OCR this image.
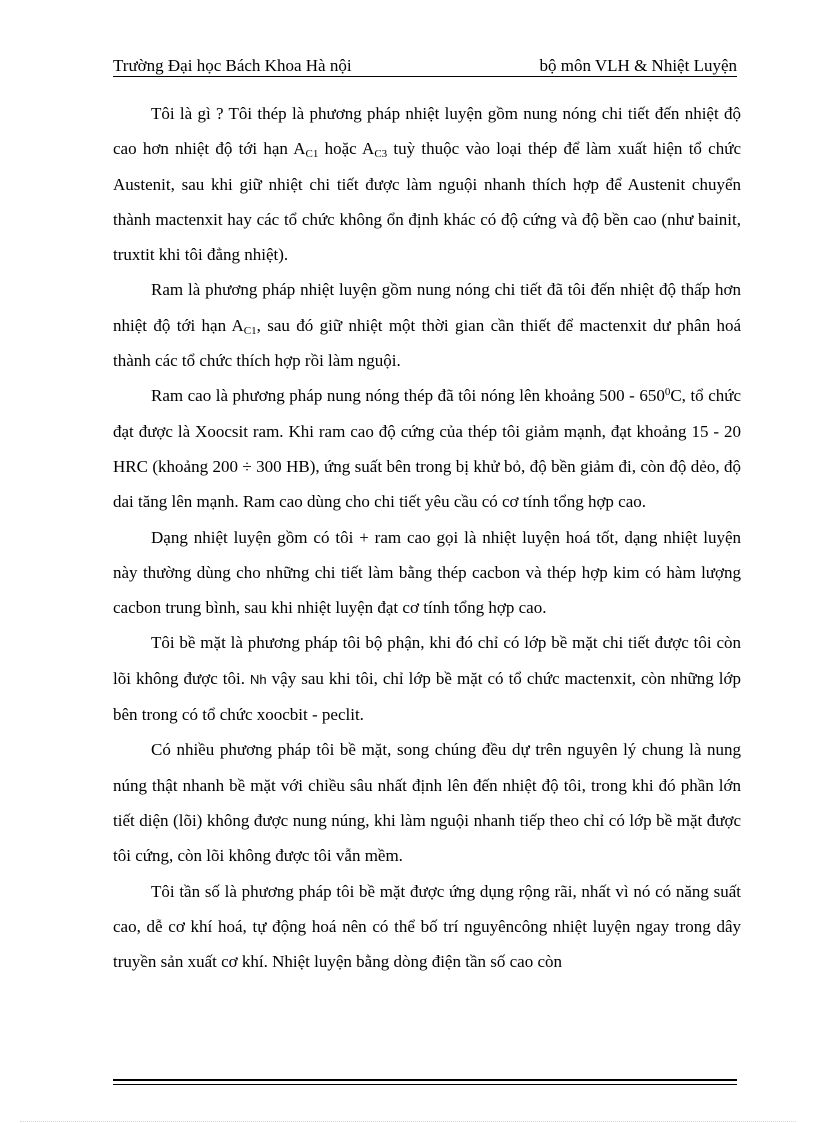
Trường Đại học Bách Khoa Hà nội	bộ môn VLH & Nhiệt Luyện

Tôi là gì ? Tôi thép là phương pháp nhiệt luyện gồm nung nóng chi tiết đến nhiệt độ cao hơn nhiệt độ tới hạn $A_{C1}$ hoặc $A_{C3}$ tuỳ thuộc vào loại thép để làm xuất hiện tổ chức Austenit, sau khi giữ nhiệt chi tiết được làm nguội nhanh thích hợp để Austenit chuyển thành mactenxit hay các tổ chức không ổn định khác có độ cứng và độ bền cao (như bainit, truxtit khi tôi đẳng nhiệt).

Ram là phương pháp nhiệt luyện gồm nung nóng chi tiết đã tôi đến nhiệt độ thấp hơn nhiệt độ tới hạn $A_{C1}$, sau đó giữ nhiệt một thời gian cần thiết để mactenxit dư phân hoá thành các tổ chức thích hợp rồi làm nguội.

Ram cao là phương pháp nung nóng thép đã tôi nóng lên khoảng $500 - 650^0C$, tổ chức đạt được là Xoocsit ram. Khi ram cao độ cứng của thép tôi giảm mạnh, đạt khoảng 15 - 20 HRC (khoảng 200 ÷ 300 HB), ứng suất bên trong bị khử bỏ, độ bền giảm đi, còn độ dẻo, độ dai tăng lên mạnh. Ram cao dùng cho chi tiết yêu cầu có cơ tính tổng hợp cao.

Dạng nhiệt luyện gồm có tôi + ram cao gọi là nhiệt luyện hoá tốt, dạng nhiệt luyện này thường dùng cho những chi tiết làm bằng thép cacbon và thép hợp kim có hàm lượng cacbon trung bình, sau khi nhiệt luyện đạt cơ tính tổng hợp cao.

Tôi bề mặt là phương pháp tôi bộ phận, khi đó chỉ có lớp bề mặt chi tiết được tôi còn lõi không được tôi. Nh vậy sau khi tôi, chỉ lớp bề mặt có tổ chức mactenxit, còn những lớp bên trong có tổ chức xoocbit - peclit.

Có nhiều phương pháp tôi bề mặt, song chúng đều dự trên nguyên lý chung là nung núng thật nhanh bề mặt với chiều sâu nhất định lên đến nhiệt độ tôi, trong khi đó phần lớn tiết diện (lõi) không được nung núng, khi làm nguội nhanh tiếp theo chỉ có lớp bề mặt được tôi cứng, còn lõi không được tôi vẫn mềm.

Tôi tần số là phương pháp tôi bề mặt được ứng dụng rộng rãi, nhất vì nó có năng suất cao, dễ cơ khí hoá, tự động hoá nên có thể bố trí nguyêncông nhiệt luyện ngay trong dây truyền sản xuất cơ khí. Nhiệt luyện bằng dòng điện tần số cao còn
